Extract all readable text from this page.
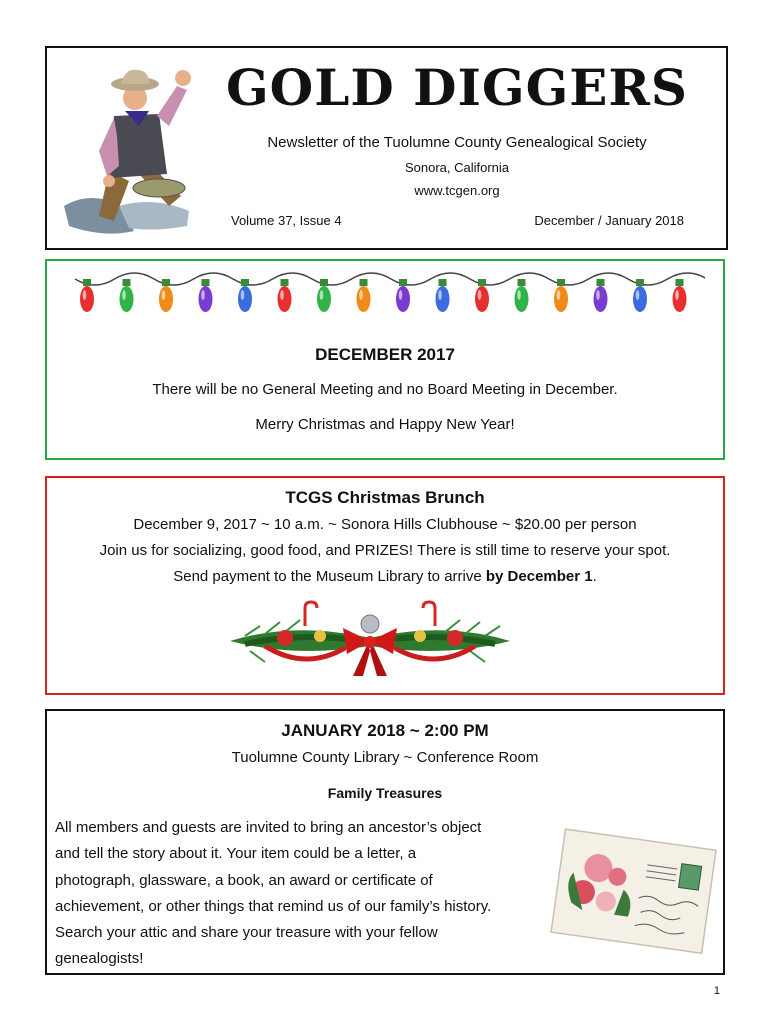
GOLD DIGGERS
Newsletter of the Tuolumne County Genealogical Society
Sonora, California
www.tcgen.org
Volume 37, Issue 4	December / January 2018
DECEMBER 2017
There will be no General Meeting and no Board Meeting in December.
Merry Christmas and Happy New Year!
TCGS Christmas Brunch
December 9, 2017 ~ 10 a.m. ~ Sonora Hills Clubhouse ~ $20.00 per person
Join us for socializing, good food, and PRIZES! There is still time to reserve your spot.
Send payment to the Museum Library to arrive by December 1.
JANUARY 2018 ~ 2:00 PM
Tuolumne County Library ~ Conference Room
Family Treasures
All members and guests are invited to bring an ancestor’s object
and tell the story about it. Your item could be a letter, a
photograph, glassware, a book, an award or certificate of
achievement, or other things that remind us of our family’s history.
Search your attic and share your treasure with your fellow
genealogists!
1
